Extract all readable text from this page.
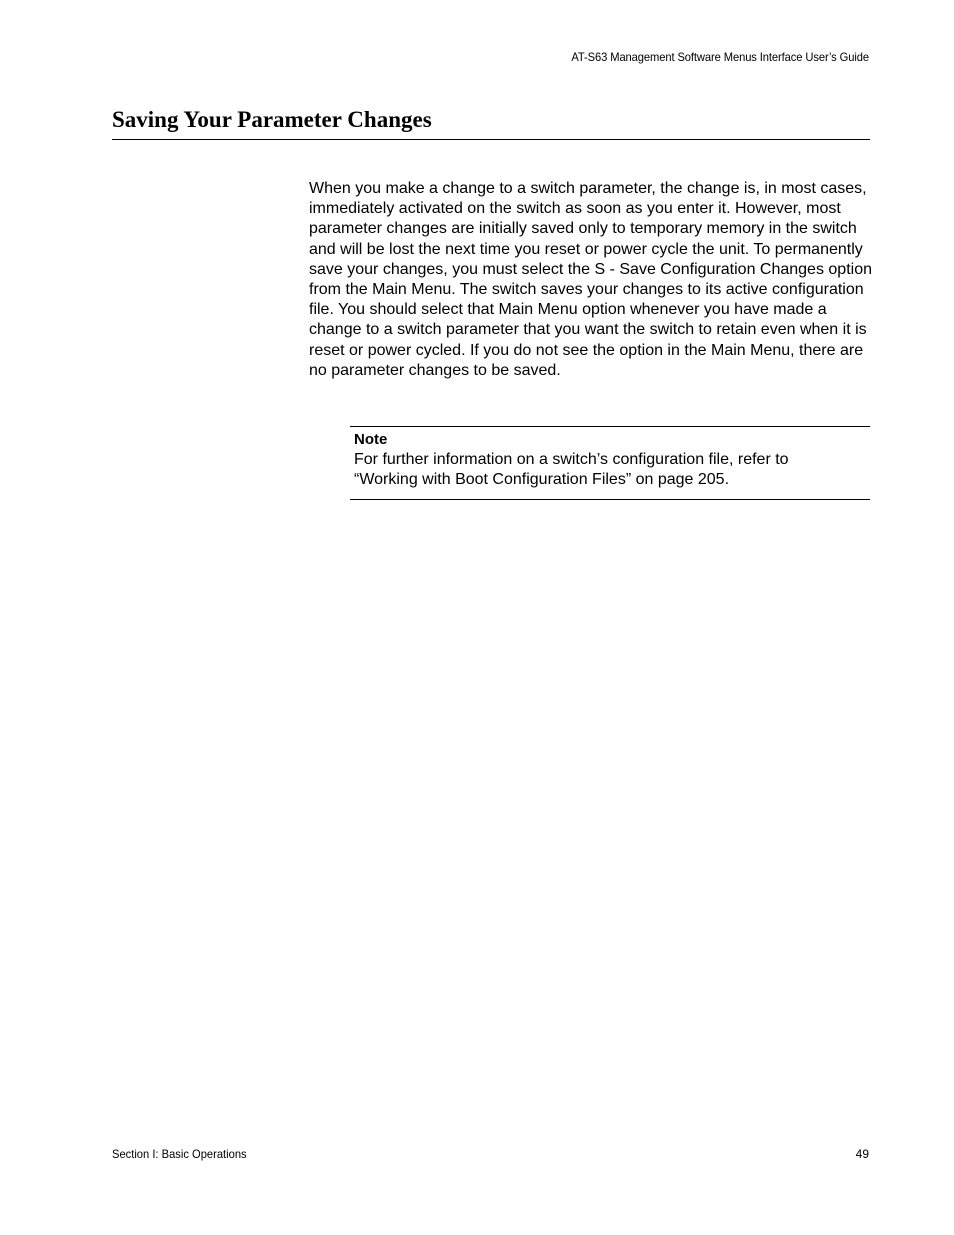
AT-S63 Management Software Menus Interface User’s Guide
Saving Your Parameter Changes

When you make a change to a switch parameter, the change is, in most cases, immediately activated on the switch as soon as you enter it. However, most parameter changes are initially saved only to temporary memory in the switch and will be lost the next time you reset or power cycle the unit. To permanently save your changes, you must select the S - Save Configuration Changes option from the Main Menu. The switch saves your changes to its active configuration file. You should select that Main Menu option whenever you have made a change to a switch parameter that you want the switch to retain even when it is reset or power cycled. If you do not see the option in the Main Menu, there are no parameter changes to be saved.

Note
For further information on a switch’s configuration file, refer to “Working with Boot Configuration Files” on page 205.
Section I: Basic Operations	49
